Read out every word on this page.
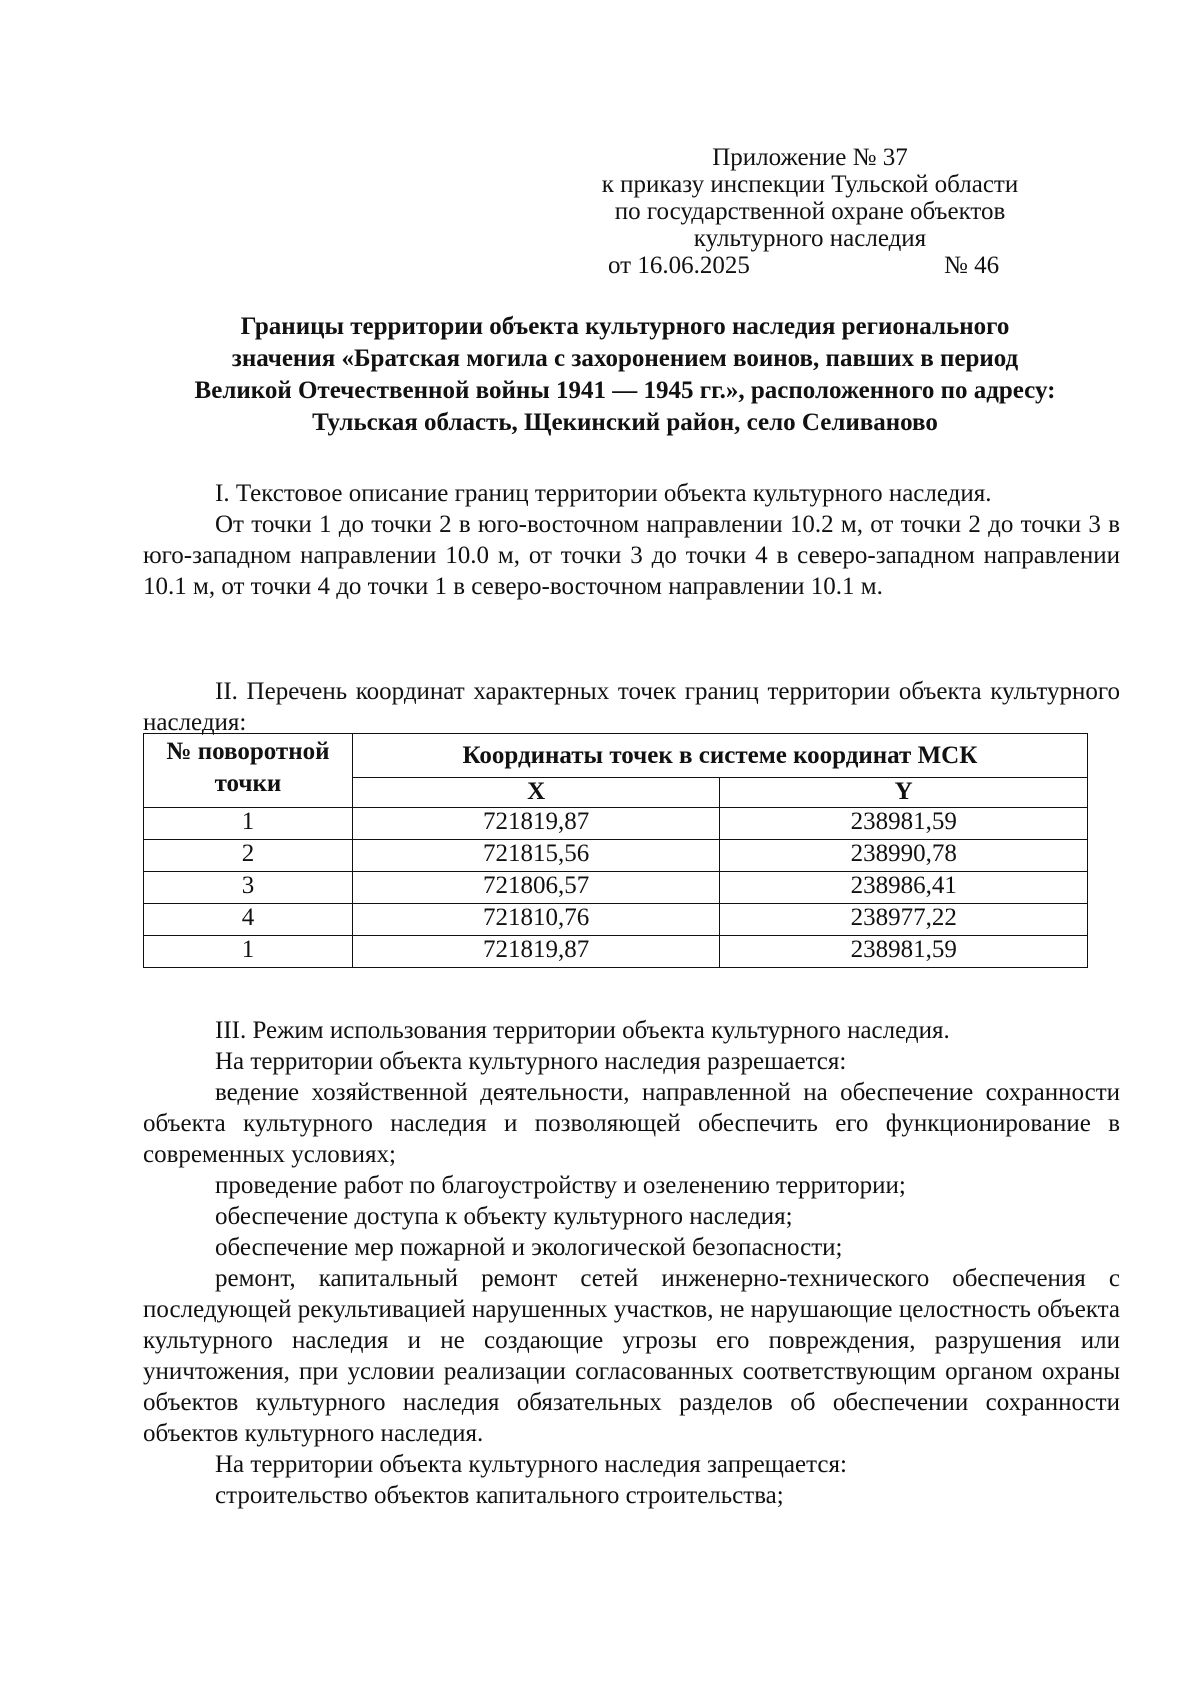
Приложение № 37
к приказу инспекции Тульской области
по государственной охране объектов
культурного наследия
от 16.06.2025	№ 46
Границы территории объекта культурного наследия регионального
значения «Братская могила с захоронением воинов, павших в период
Великой Отечественной войны 1941 — 1945 гг.», расположенного по адресу:
Тульская область, Щекинский район, село Селиваново

I. Текстовое описание границ территории объекта культурного наследия.

От точки 1 до точки 2 в юго-восточном направлении 10.2 м, от точки 2 до точки 3 в юго-западном направлении 10.0 м, от точки 3 до точки 4 в северо-западном направлении 10.1 м, от точки 4 до точки 1 в северо-восточном направлении 10.1 м.

II. Перечень координат характерных точек границ территории объекта культурного наследия:

№ поворотной точки	Координаты точек в системе координат МСК	
	X	Y
1	721819,87	238981,59
2	721815,56	238990,78
3	721806,57	238986,41
4	721810,76	238977,22
1	721819,87	238981,59

III. Режим использования территории объекта культурного наследия.

На территории объекта культурного наследия разрешается:

ведение хозяйственной деятельности, направленной на обеспечение сохранности объекта культурного наследия и позволяющей обеспечить его функционирование в современных условиях;

проведение работ по благоустройству и озеленению территории;

обеспечение доступа к объекту культурного наследия;

обеспечение мер пожарной и экологической безопасности;

ремонт, капитальный ремонт сетей инженерно-технического обеспечения с последующей рекультивацией нарушенных участков, не нарушающие целостность объекта культурного наследия и не создающие угрозы его повреждения, разрушения или уничтожения, при условии реализации согласованных соответствующим органом охраны объектов культурного наследия обязательных разделов об обеспечении сохранности объектов культурного наследия.

На территории объекта культурного наследия запрещается:

строительство объектов капитального строительства;
